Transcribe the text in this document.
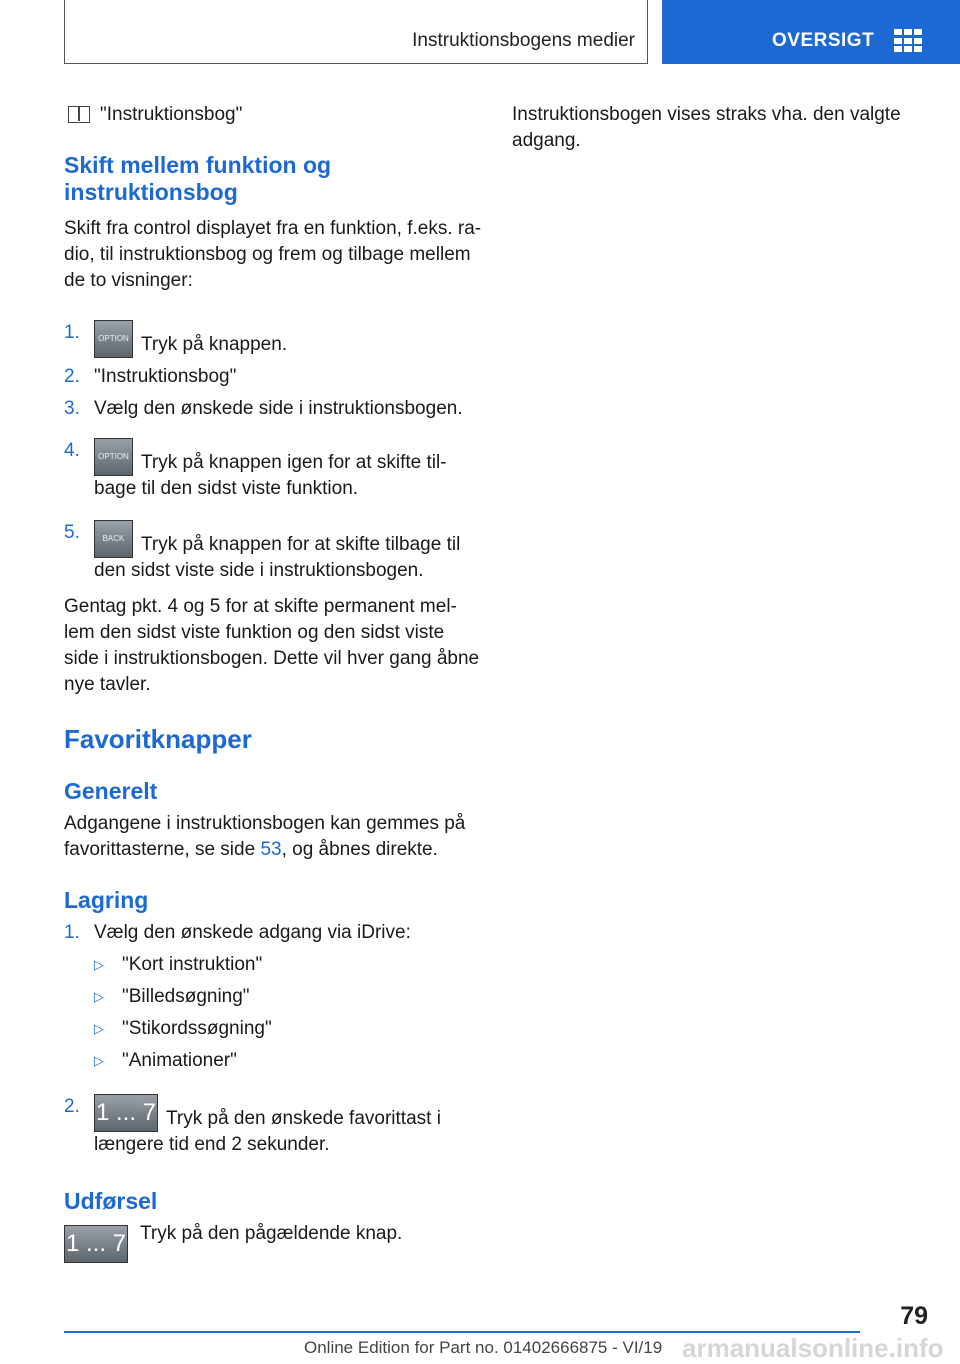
Instruktionsbogens medier	OVERSIGT

"Instruktionsbog"

Skift mellem funktion og instruktionsbog

Skift fra control displayet fra en funktion, f.eks. ra-dio, til instruktionsbog og frem og tilbage mellem de to visninger:

1.	OPTION Tryk på knappen.
2. "Instruktionsbog"
3. Vælg den ønskede side i instruktionsbogen.
4.	OPTION Tryk på knappen igen for at skifte til-bage til den sidst viste funktion.
5.	BACK Tryk på knappen for at skifte tilbage til den sidst viste side i instruktionsbogen.

Gentag pkt. 4 og 5 for at skifte permanent mel-lem den sidst viste funktion og den sidst viste side i instruktionsbogen. Dette vil hver gang åbne nye tavler.

Favoritknapper
Generelt

Adgangene i instruktionsbogen kan gemmes på favorittasterne, se side 53, og åbnes direkte.

Lagring
1. Vælg den ønskede adgang via iDrive:
▷ "Kort instruktion"
▷ "Billedsøgning"
▷ "Stikordssøgning"
▷ "Animationer"
2. 1 ... 7 Tryk på den ønskede favorittast i længere tid end 2 sekunder.
Udførsel
1 ... 7 Tryk på den pågældende knap.

Instruktionsbogen vises straks vha. den valgte adgang.

79
Online Edition for Part no. 01402666875 - VI/19 armanualsonline.info
